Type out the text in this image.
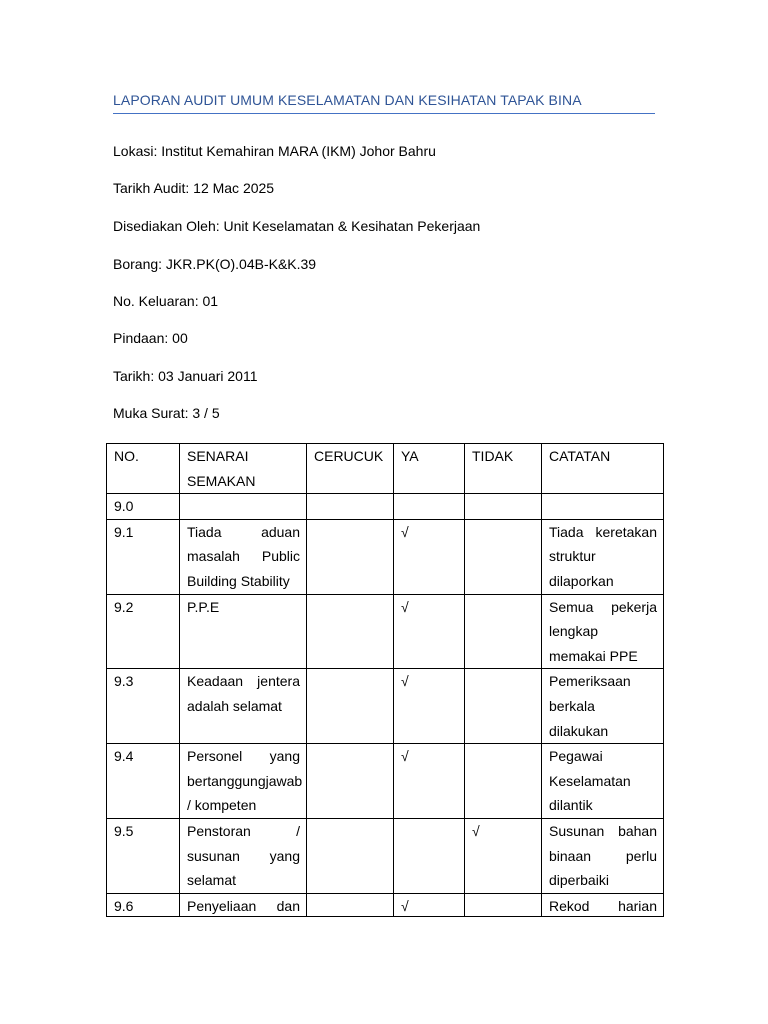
LAPORAN AUDIT UMUM KESELAMATAN DAN KESIHATAN TAPAK BINA
Lokasi: Institut Kemahiran MARA (IKM) Johor Bahru
Tarikh Audit: 12 Mac 2025
Disediakan Oleh: Unit Keselamatan & Kesihatan Pekerjaan
Borang: JKR.PK(O).04B-K&K.39
No. Keluaran: 01
Pindaan: 00
Tarikh: 03 Januari 2011
Muka Surat: 3 / 5
NO.	SENARAI SEMAKAN	CERUCUK	YA	TIDAK	CATATAN
9.0					
9.1	Tiada aduan masalah Public Building Stability		√		Tiada keretakan struktur dilaporkan
9.2	P.P.E		√		Semua pekerja lengkap memakai PPE
9.3	Keadaan jentera adalah selamat		√		Pemeriksaan berkala dilakukan
9.4	Personel yang bertanggungjawab / kompeten		√		Pegawai Keselamatan dilantik
9.5	Penstoran / susunan yang selamat			√	Susunan bahan binaan perlu diperbaiki

9.6	Penyeliaan dan		√		Rekod harian
